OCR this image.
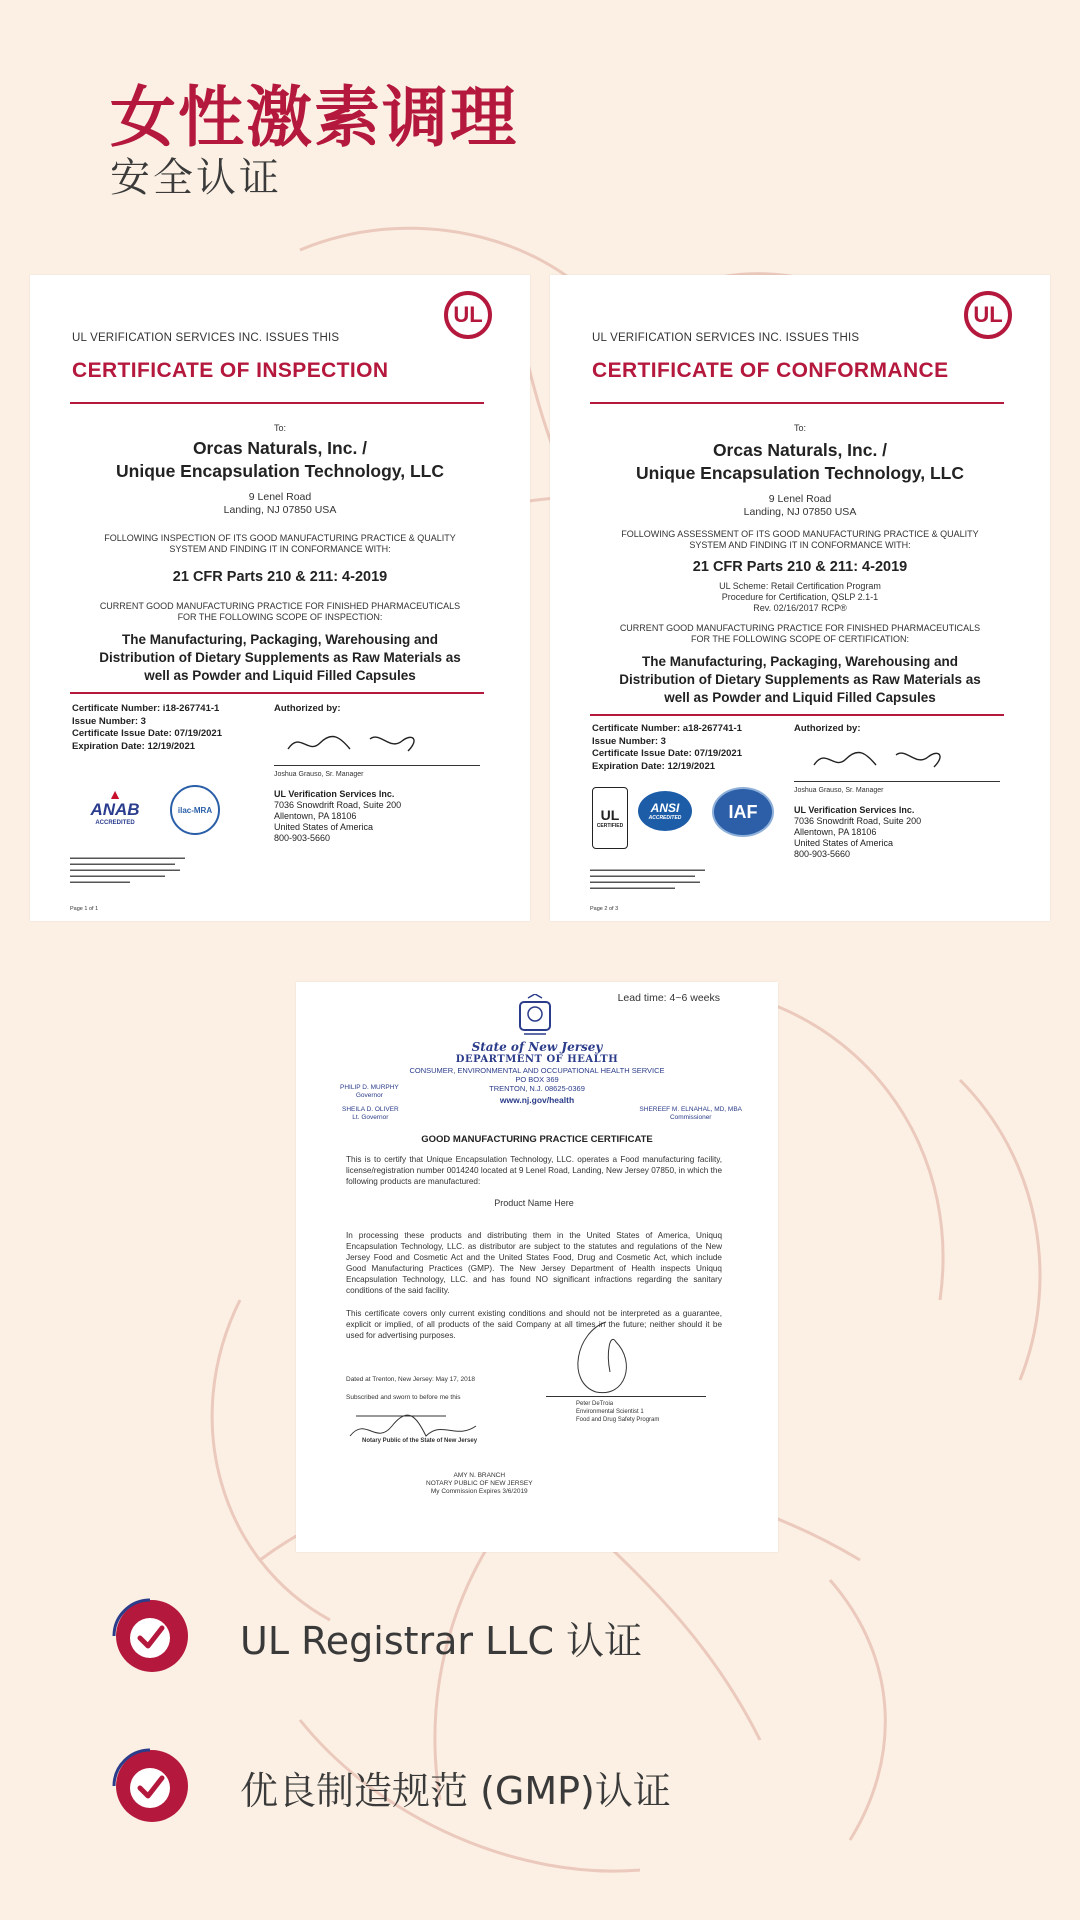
女性激素调理
安全认证
UL
UL VERIFICATION SERVICES INC. ISSUES THIS
CERTIFICATE OF INSPECTION
To:
Orcas Naturals, Inc. /
Unique Encapsulation Technology, LLC
9 Lenel Road
Landing, NJ 07850 USA
FOLLOWING INSPECTION OF ITS GOOD MANUFACTURING PRACTICE & QUALITY
SYSTEM AND FINDING IT IN CONFORMANCE WITH:
21 CFR Parts 210 & 211: 4-2019
CURRENT GOOD MANUFACTURING PRACTICE FOR FINISHED PHARMACEUTICALS
FOR THE FOLLOWING SCOPE OF INSPECTION:
The Manufacturing, Packaging, Warehousing and
Distribution of Dietary Supplements as Raw Materials as
well as Powder and Liquid Filled Capsules
Certificate Number: i18-267741-1
Issue Number: 3
Certificate Issue Date: 07/19/2021
Expiration Date: 12/19/2021
Authorized by:
Joshua Grauso, Sr. Manager
UL Verification Services Inc.
7036 Snowdrift Road, Suite 200
Allentown, PA 18106
United States of America
800-903-5660
▲
ANAB
ACCREDITED
ilac-MRA
▬▬▬▬▬▬▬▬▬▬▬▬▬▬▬▬▬▬▬▬▬▬▬
▬▬▬▬▬▬▬▬▬▬▬▬▬▬▬▬▬▬▬▬▬
▬▬▬▬▬▬▬▬▬▬▬▬▬▬▬▬▬▬▬▬▬▬
▬▬▬▬▬▬▬▬▬▬▬▬▬▬▬▬▬▬▬
▬▬▬▬▬▬▬▬▬▬▬▬
Page 1 of 1
UL
UL VERIFICATION SERVICES INC. ISSUES THIS
CERTIFICATE OF CONFORMANCE
To:
Orcas Naturals, Inc. /
Unique Encapsulation Technology, LLC
9 Lenel Road
Landing, NJ 07850 USA
FOLLOWING ASSESSMENT OF ITS GOOD MANUFACTURING PRACTICE & QUALITY
SYSTEM AND FINDING IT IN CONFORMANCE WITH:
21 CFR Parts 210 & 211: 4-2019
UL Scheme: Retail Certification Program
Procedure for Certification, QSLP 2.1-1
Rev. 02/16/2017 RCP®
CURRENT GOOD MANUFACTURING PRACTICE FOR FINISHED PHARMACEUTICALS
FOR THE FOLLOWING SCOPE OF CERTIFICATION:
The Manufacturing, Packaging, Warehousing and
Distribution of Dietary Supplements as Raw Materials as
well as Powder and Liquid Filled Capsules
Certificate Number: a18-267741-1
Issue Number: 3
Certificate Issue Date: 07/19/2021
Expiration Date: 12/19/2021
Authorized by:
Joshua Grauso, Sr. Manager
UL Verification Services Inc.
7036 Snowdrift Road, Suite 200
Allentown, PA 18106
United States of America
800-903-5660
UL
CERTIFIED
ANSI
ACCREDITED	IAF
▬▬▬▬▬▬▬▬▬▬▬▬▬▬▬▬▬▬▬▬▬▬▬
▬▬▬▬▬▬▬▬▬▬▬▬▬▬▬▬▬▬▬▬▬
▬▬▬▬▬▬▬▬▬▬▬▬▬▬▬▬▬▬▬▬▬▬
▬▬▬▬▬▬▬▬▬▬▬▬▬▬▬▬▬
Page 2 of 3
Lead time: 4~6 weeks
State of New Jersey
DEPARTMENT OF HEALTH
CONSUMER, ENVIRONMENTAL AND OCCUPATIONAL HEALTH SERVICE
PO BOX 369
TRENTON, N.J. 08625-0369
www.nj.gov/health
PHILIP D. MURPHY
Governor
SHEILA D. OLIVER
Lt. Governor
SHEREEF M. ELNAHAL, MD, MBA
Commissioner
GOOD MANUFACTURING PRACTICE CERTIFICATE
This is to certify that Unique Encapsulation Technology, LLC. operates a Food manufacturing facility, license/registration number 0014240 located at 9 Lenel Road, Landing, New Jersey 07850, in which the following products are manufactured:
Product Name Here
In processing these products and distributing them in the United States of America, Uniquq Encapsulation Technology, LLC. as distributor are subject to the statutes and regulations of the New Jersey Food and Cosmetic Act and the United States Food, Drug and Cosmetic Act, which include Good Manufacturing Practices (GMP). The New Jersey Department of Health inspects Uniquq Encapsulation Technology, LLC. and has found NO significant infractions regarding the sanitary conditions of the said facility.
This certificate covers only current existing conditions and should not be interpreted as a guarantee, explicit or implied, of all products of the said Company at all times in the future; neither should it be used for advertising purposes.
Dated at Trenton, New Jersey: May 17, 2018
Subscribed and sworn to before me this
Notary Public of the State of New Jersey
Peter DeTroia
Environmental Scientist 1
Food and Drug Safety Program
AMY N. BRANCH
NOTARY PUBLIC OF NEW JERSEY
My Commission Expires 3/6/2019
UL Registrar LLC 认证
优良制造规范 (GMP)认证
